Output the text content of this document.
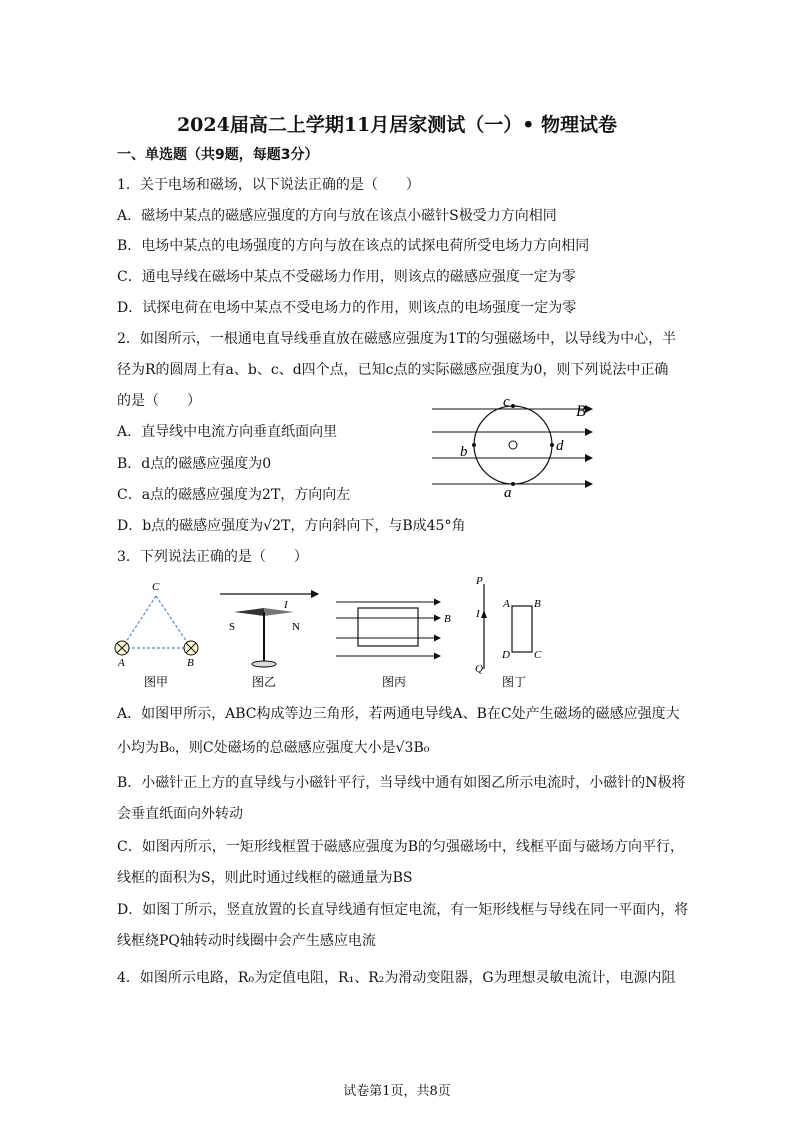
2024届高二上学期11月居家测试（一）• 物理试卷
一、单选题（共9题，每题3分）
1．关于电场和磁场，以下说法正确的是（　　）
A．磁场中某点的磁感应强度的方向与放在该点小磁针S极受力方向相同
B．电场中某点的电场强度的方向与放在该点的试探电荷所受电场力方向相同
C．通电导线在磁场中某点不受磁场力作用，则该点的磁感应强度一定为零
D．试探电荷在电场中某点不受电场力的作用，则该点的电场强度一定为零
2．如图所示，一根通电直导线垂直放在磁感应强度为1T的匀强磁场中，以导线为中心，半
径为R的圆周上有a、b、c、d四个点，已知c点的实际磁感应强度为0，则下列说法中正确
的是（　　）
A．直导线中电流方向垂直纸面向里
B．d点的磁感应强度为0
C．a点的磁感应强度为2T，方向向左
D．b点的磁感应强度为√2T，方向斜向下，与B成45°角
c
b	d
a
B
3．下列说法正确的是（　　）
C
A	B
图甲
I
S	N
图乙
B
图丙
P
Q
I
A B
C
D
图丁
A．如图甲所示，ABC构成等边三角形，若两通电导线A、B在C处产生磁场的磁感应强度大
小均为B₀，则C处磁场的总磁感应强度大小是√3B₀
B．小磁针正上方的直导线与小磁针平行，当导线中通有如图乙所示电流时，小磁针的N极将
会垂直纸面向外转动
C．如图丙所示，一矩形线框置于磁感应强度为B的匀强磁场中，线框平面与磁场方向平行，
线框的面积为S，则此时通过线框的磁通量为BS
D．如图丁所示，竖直放置的长直导线通有恒定电流，有一矩形线框与导线在同一平面内，将
线框绕PQ轴转动时线圈中会产生感应电流
4．如图所示电路，R₀为定值电阻，R₁、R₂为滑动变阻器，G为理想灵敏电流计，电源内阻
试卷第1页，共8页
